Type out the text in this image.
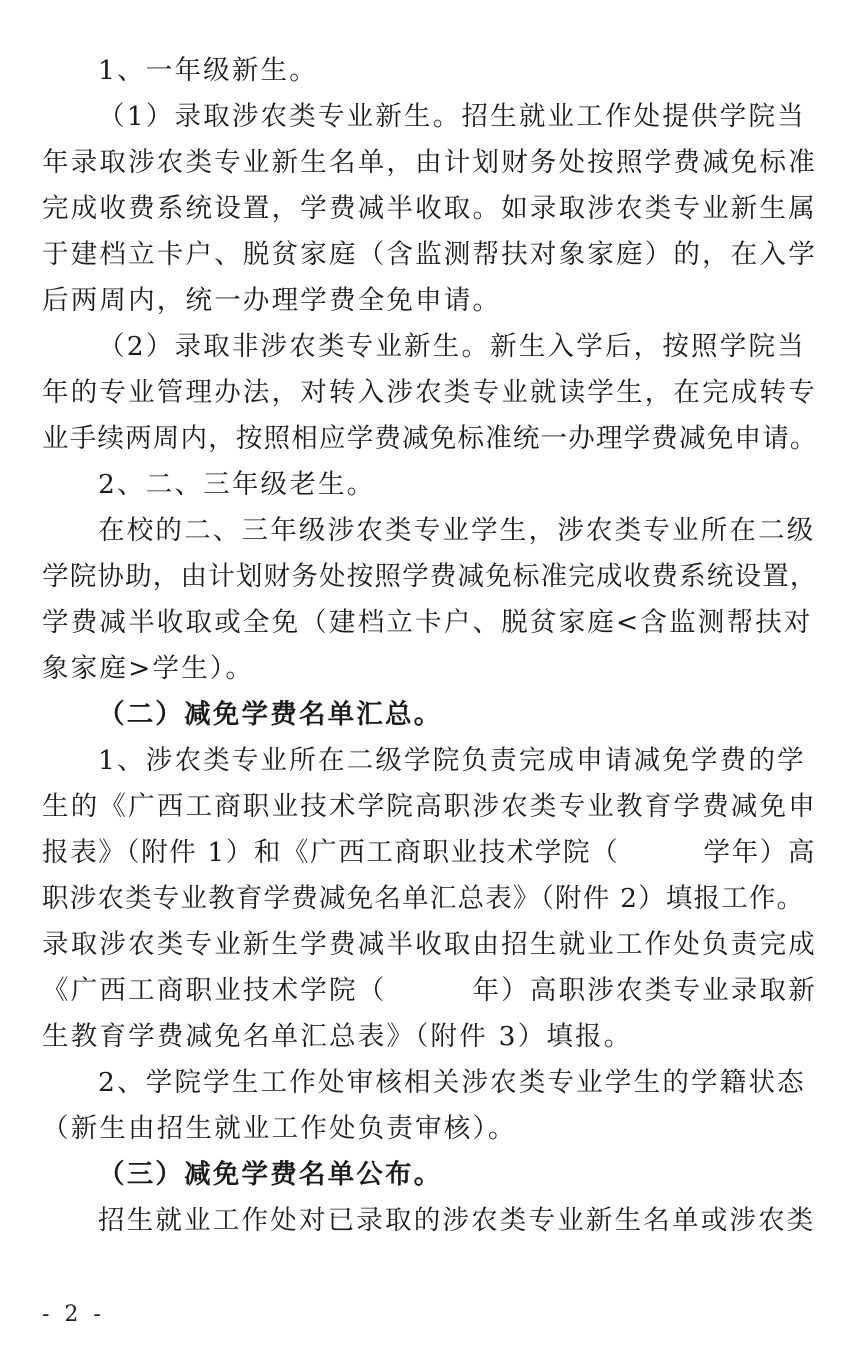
1、一年级新生。
（1）录取涉农类专业新生。招生就业工作处提供学院当
年录取涉农类专业新生名单，由计划财务处按照学费减免标准
完成收费系统设置，学费减半收取。如录取涉农类专业新生属
于建档立卡户、脱贫家庭（含监测帮扶对象家庭）的，在入学
后两周内，统一办理学费全免申请。
（2）录取非涉农类专业新生。新生入学后，按照学院当
年的专业管理办法，对转入涉农类专业就读学生，在完成转专
业手续两周内，按照相应学费减免标准统一办理学费减免申请。
2、二、三年级老生。
在校的二、三年级涉农类专业学生，涉农类专业所在二级
学院协助，由计划财务处按照学费减免标准完成收费系统设置，
学费减半收取或全免（建档立卡户、脱贫家庭<含监测帮扶对
象家庭>学生）。
（二）减免学费名单汇总。
1、涉农类专业所在二级学院负责完成申请减免学费的学
生的《广西工商职业技术学院高职涉农类专业教育学费减免申
报表》（附件 1）和《广西工商职业技术学院（　　　学年）高
职涉农类专业教育学费减免名单汇总表》（附件 2）填报工作。
录取涉农类专业新生学费减半收取由招生就业工作处负责完成
《广西工商职业技术学院（　　　年）高职涉农类专业录取新
生教育学费减免名单汇总表》（附件 3）填报。
2、学院学生工作处审核相关涉农类专业学生的学籍状态
（新生由招生就业工作处负责审核）。
（三）减免学费名单公布。
招生就业工作处对已录取的涉农类专业新生名单或涉农类
- 2 -
